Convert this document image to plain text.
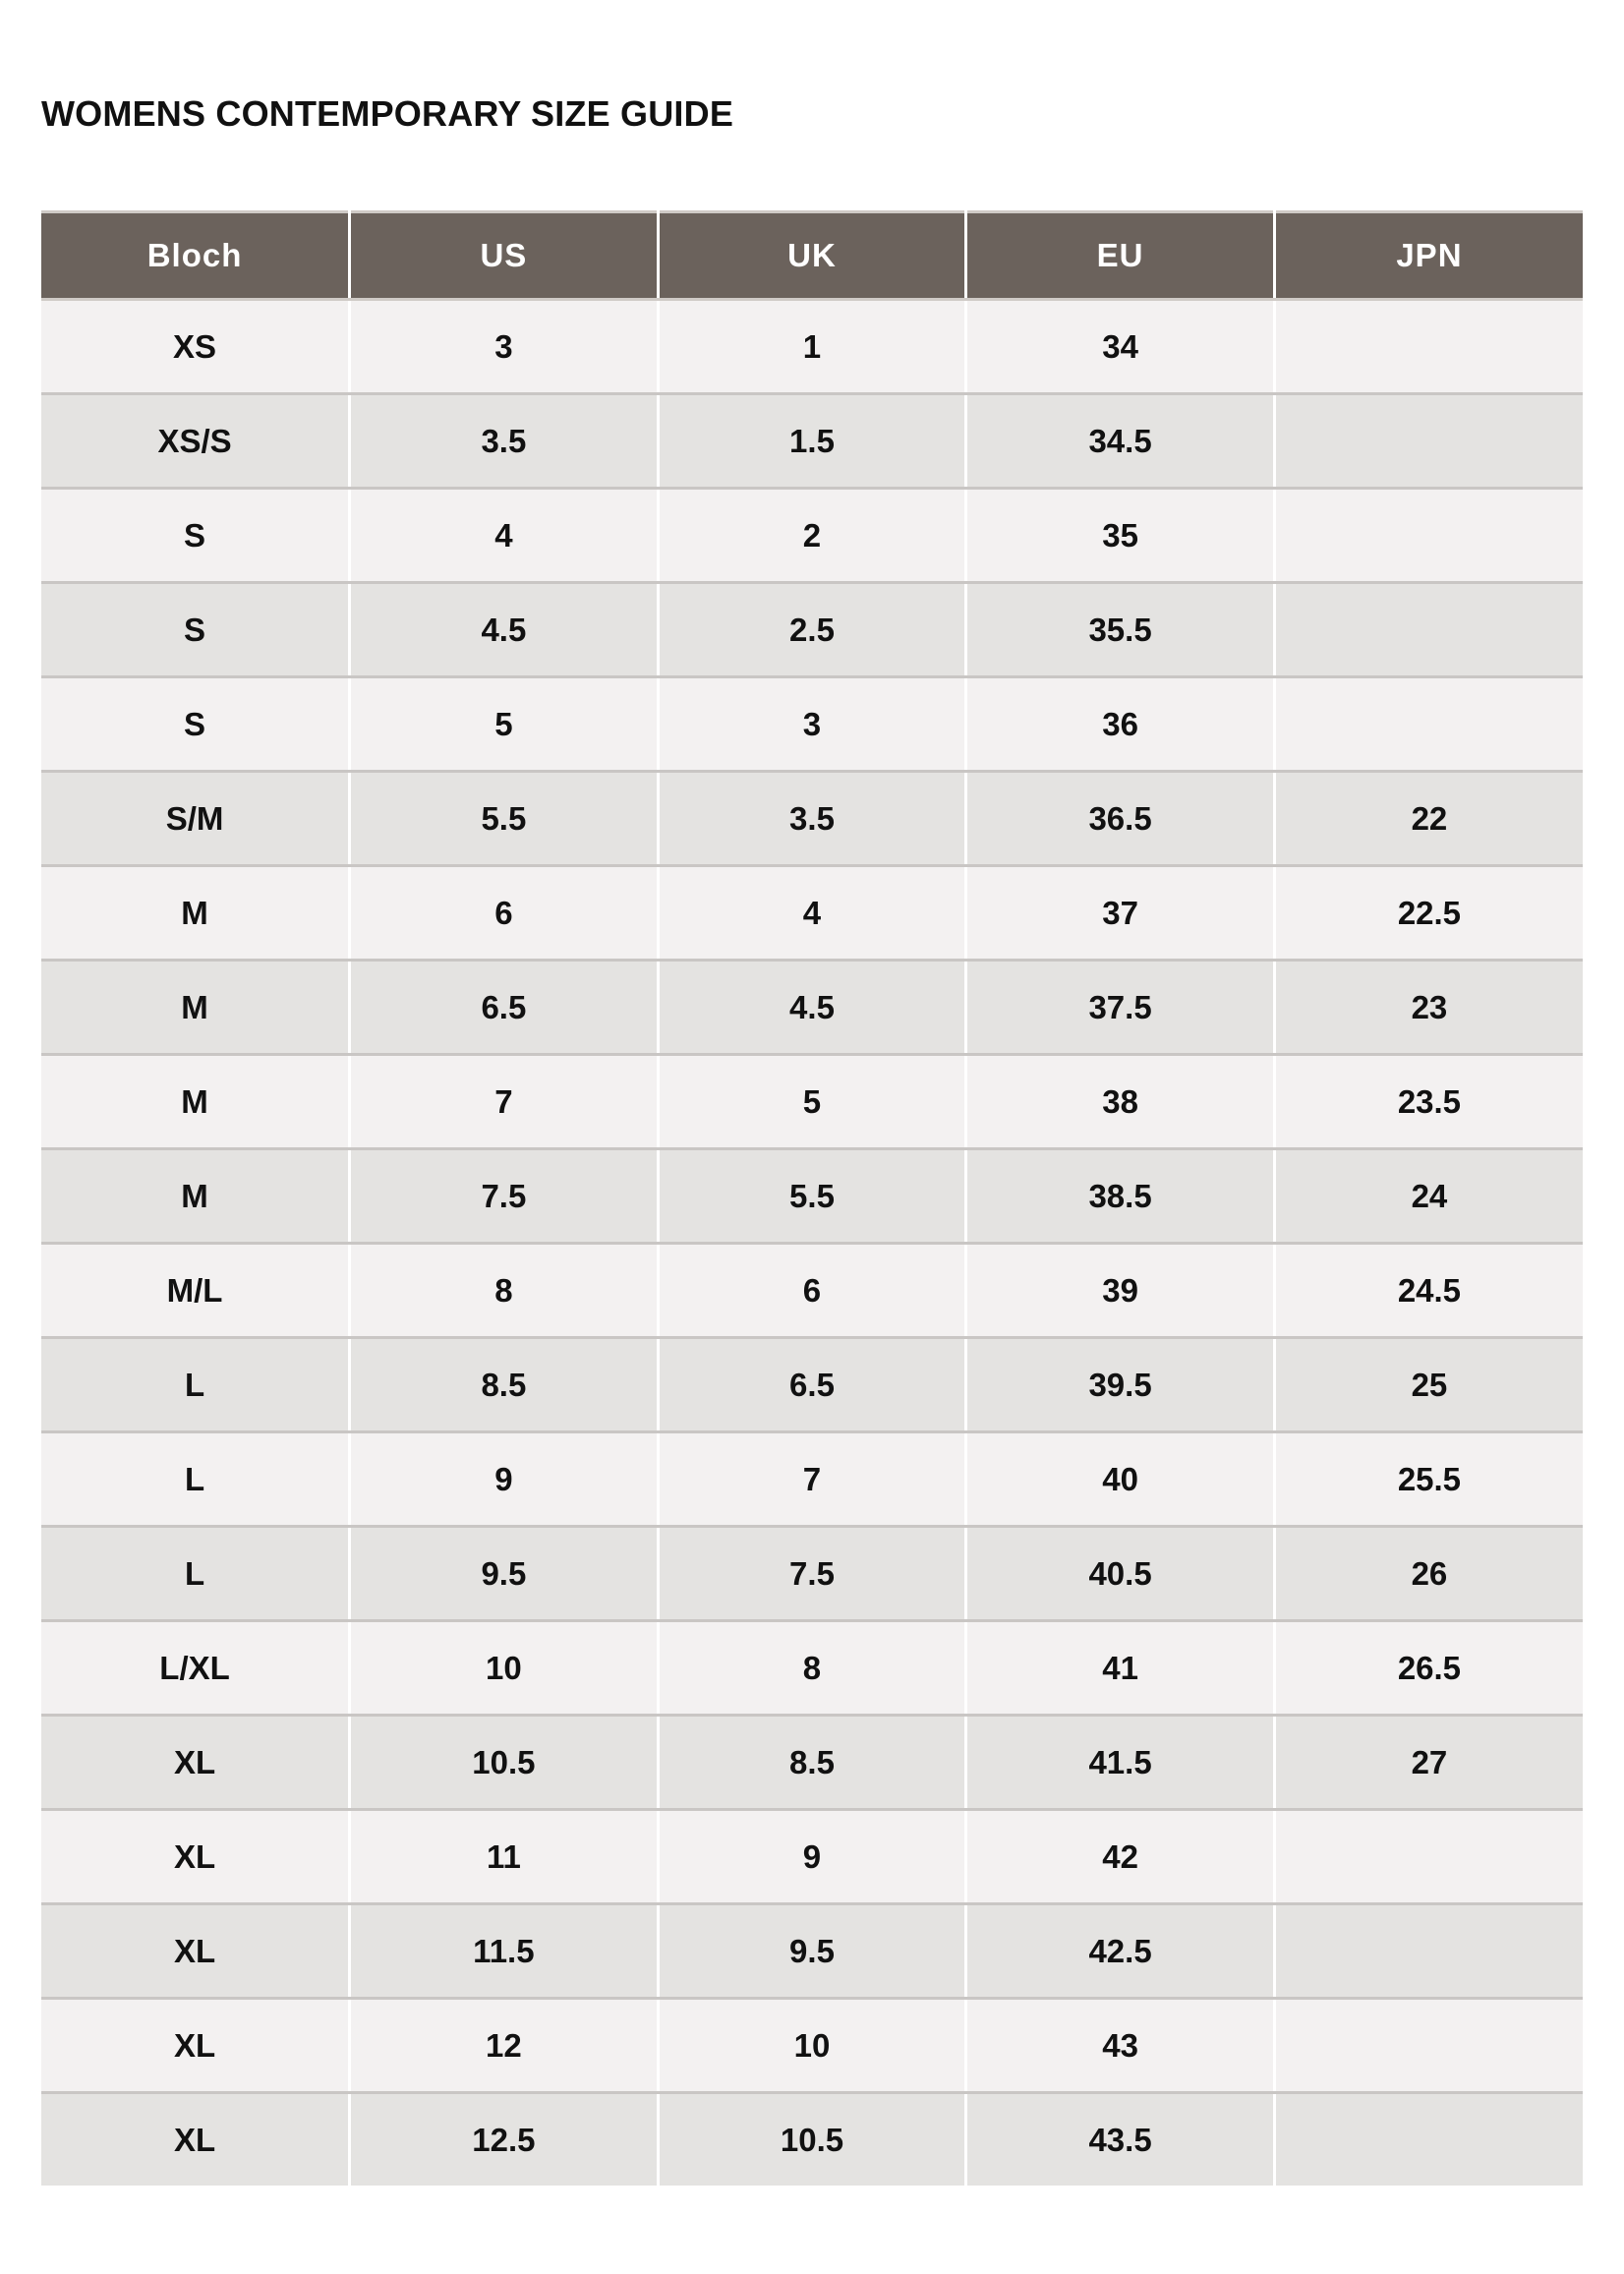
WOMENS CONTEMPORARY SIZE GUIDE
Bloch	US	UK	EU	JPN
XS	3	1	34	
XS/S	3.5	1.5	34.5	
S	4	2	35	
S	4.5	2.5	35.5	
S	5	3	36	
S/M	5.5	3.5	36.5	22
M	6	4	37	22.5
M	6.5	4.5	37.5	23
M	7	5	38	23.5
M	7.5	5.5	38.5	24
M/L	8	6	39	24.5
L	8.5	6.5	39.5	25
L	9	7	40	25.5
L	9.5	7.5	40.5	26
L/XL	10	8	41	26.5
XL	10.5	8.5	41.5	27
XL	11	9	42	
XL	11.5	9.5	42.5	
XL	12	10	43	
XL	12.5	10.5	43.5	
